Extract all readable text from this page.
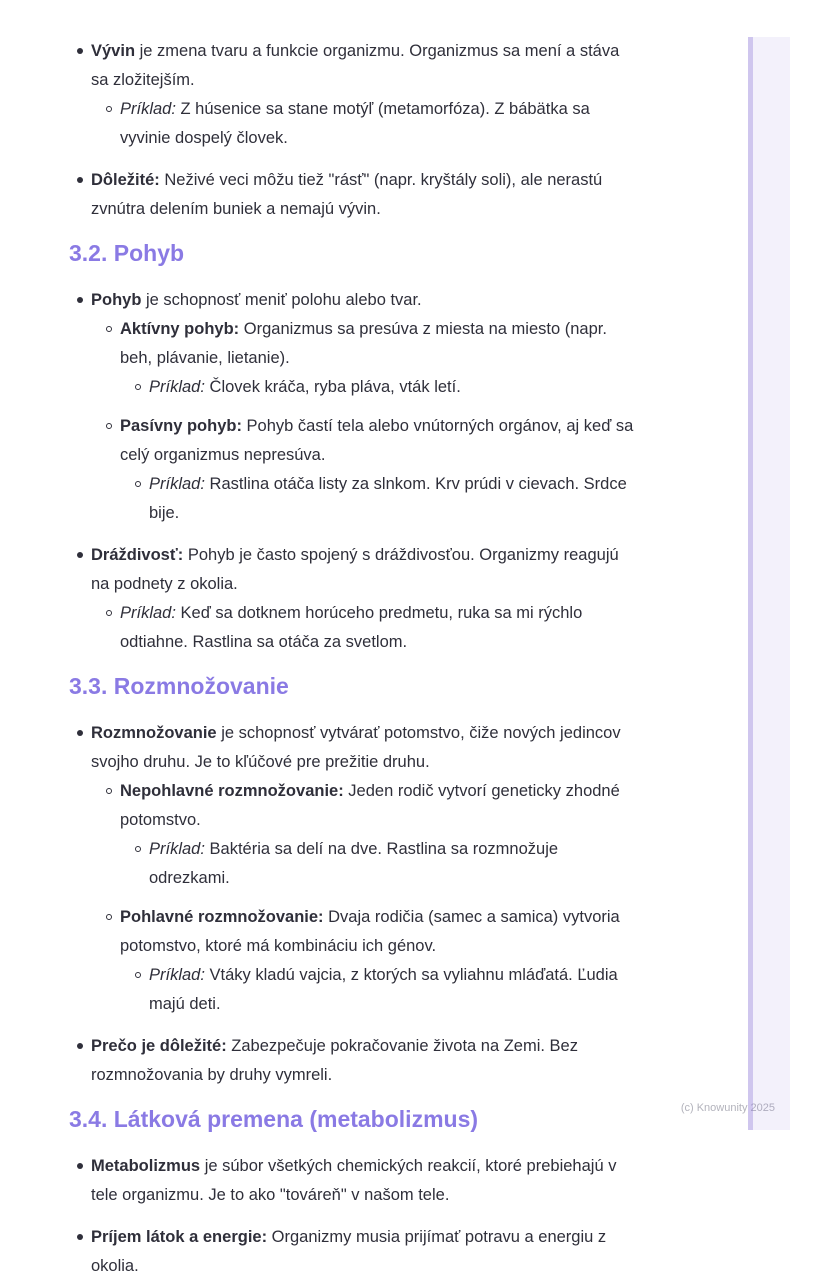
Vývin je zmena tvaru a funkcie organizmu. Organizmus sa mení a stáva sa zložitejším.
Príklad: Z húsenice sa stane motýľ (metamorfóza). Z bábätka sa vyvinie dospelý človek.
Dôležité: Neživé veci môžu tiež "rásť" (napr. kryštály soli), ale nerastú zvnútra delením buniek a nemajú vývin.
3.2. Pohyb
Pohyb je schopnosť meniť polohu alebo tvar.
Aktívny pohyb: Organizmus sa presúva z miesta na miesto (napr. beh, plávanie, lietanie).
Príklad: Človek kráča, ryba pláva, vták letí.
Pasívny pohyb: Pohyb častí tela alebo vnútorných orgánov, aj keď sa celý organizmus nepresúva.
Príklad: Rastlina otáča listy za slnkom. Krv prúdi v cievach. Srdce bije.
Dráždivosť: Pohyb je často spojený s dráždivosťou. Organizmy reagujú na podnety z okolia.
Príklad: Keď sa dotknem horúceho predmetu, ruka sa mi rýchlo odtiahne. Rastlina sa otáča za svetlom.
3.3. Rozmnožovanie
Rozmnožovanie je schopnosť vytvárať potomstvo, čiže nových jedincov svojho druhu. Je to kľúčové pre prežitie druhu.
Nepohlavné rozmnožovanie: Jeden rodič vytvorí geneticky zhodné potomstvo.
Príklad: Baktéria sa delí na dve. Rastlina sa rozmnožuje odrezkami.
Pohlavné rozmnožovanie: Dvaja rodičia (samec a samica) vytvoria potomstvo, ktoré má kombináciu ich génov.
Príklad: Vtáky kladú vajcia, z ktorých sa vyliahnu mláďatá. Ľudia majú deti.
Prečo je dôležité: Zabezpečuje pokračovanie života na Zemi. Bez rozmnožovania by druhy vymreli.
3.4. Látková premena (metabolizmus)
Metabolizmus je súbor všetkých chemických reakcií, ktoré prebiehajú v tele organizmu. Je to ako "továreň" v našom tele.
Príjem látok a energie: Organizmy musia prijímať potravu a energiu z okolia.
(c) Knowunity 2025
